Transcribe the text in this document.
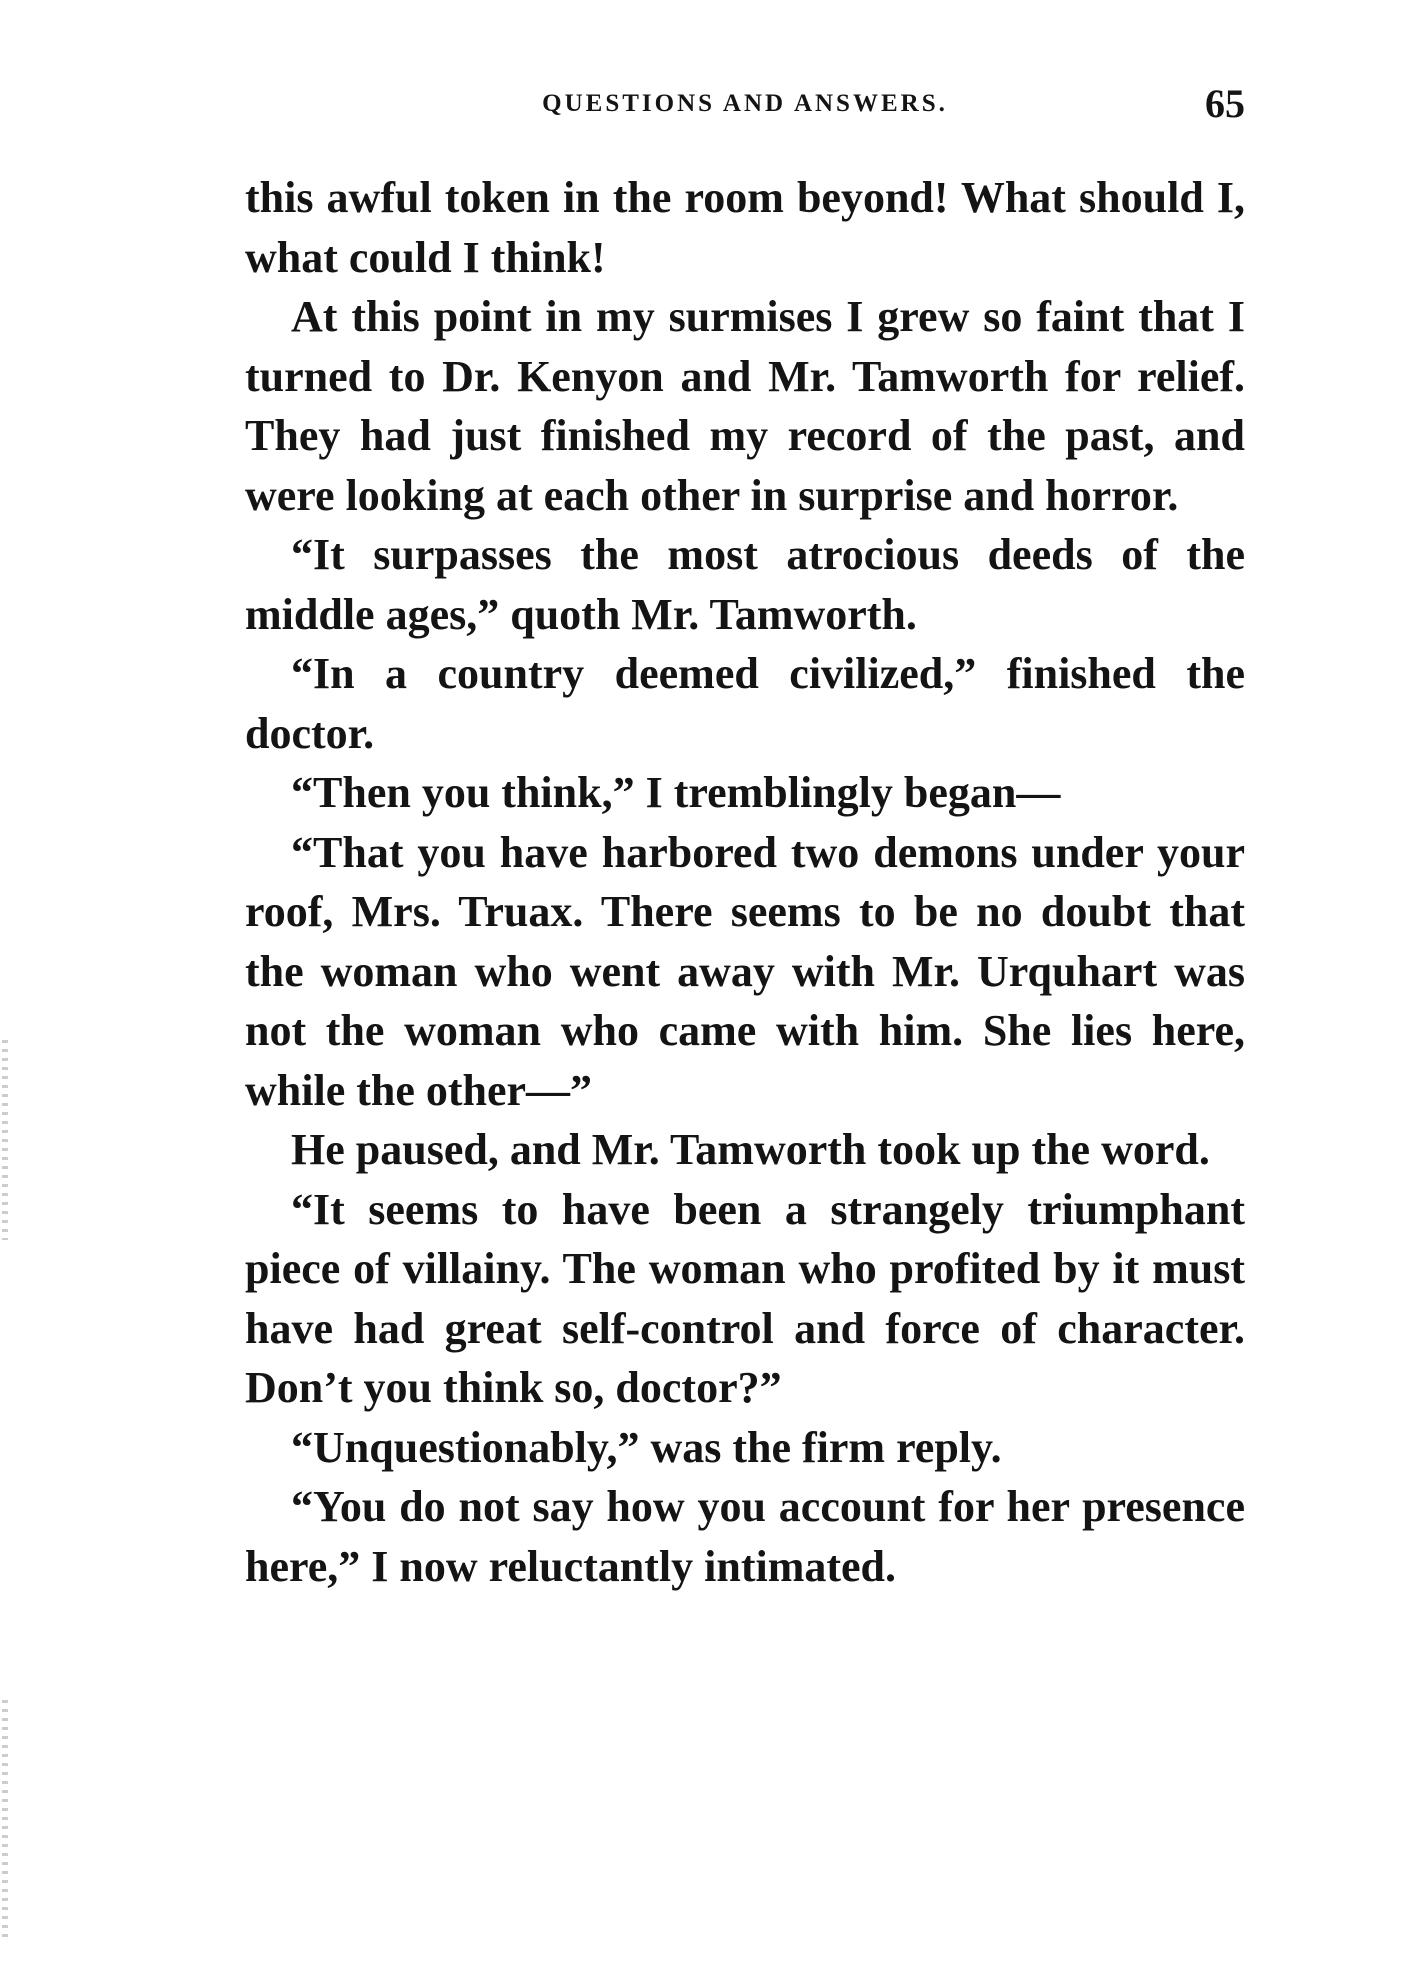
QUESTIONS AND ANSWERS.	65

this awful token in the room beyond! What should I, what could I think!

At this point in my surmises I grew so faint that I turned to Dr. Kenyon and Mr. Tamworth for relief. They had just finished my record of the past, and were looking at each other in surprise and horror.

“It surpasses the most atrocious deeds of the middle ages,” quoth Mr. Tamworth.

“In a country deemed civilized,” finished the doctor.

“Then you think,” I tremblingly began—

“That you have harbored two demons under your roof, Mrs. Truax. There seems to be no doubt that the woman who went away with Mr. Urquhart was not the woman who came with him. She lies here, while the other—”

He paused, and Mr. Tamworth took up the word.

“It seems to have been a strangely triumphant piece of villainy. The woman who profited by it must have had great self-control and force of character. Don’t you think so, doctor?”

“Unquestionably,” was the firm reply.

“You do not say how you account for her presence here,” I now reluctantly intimated.
